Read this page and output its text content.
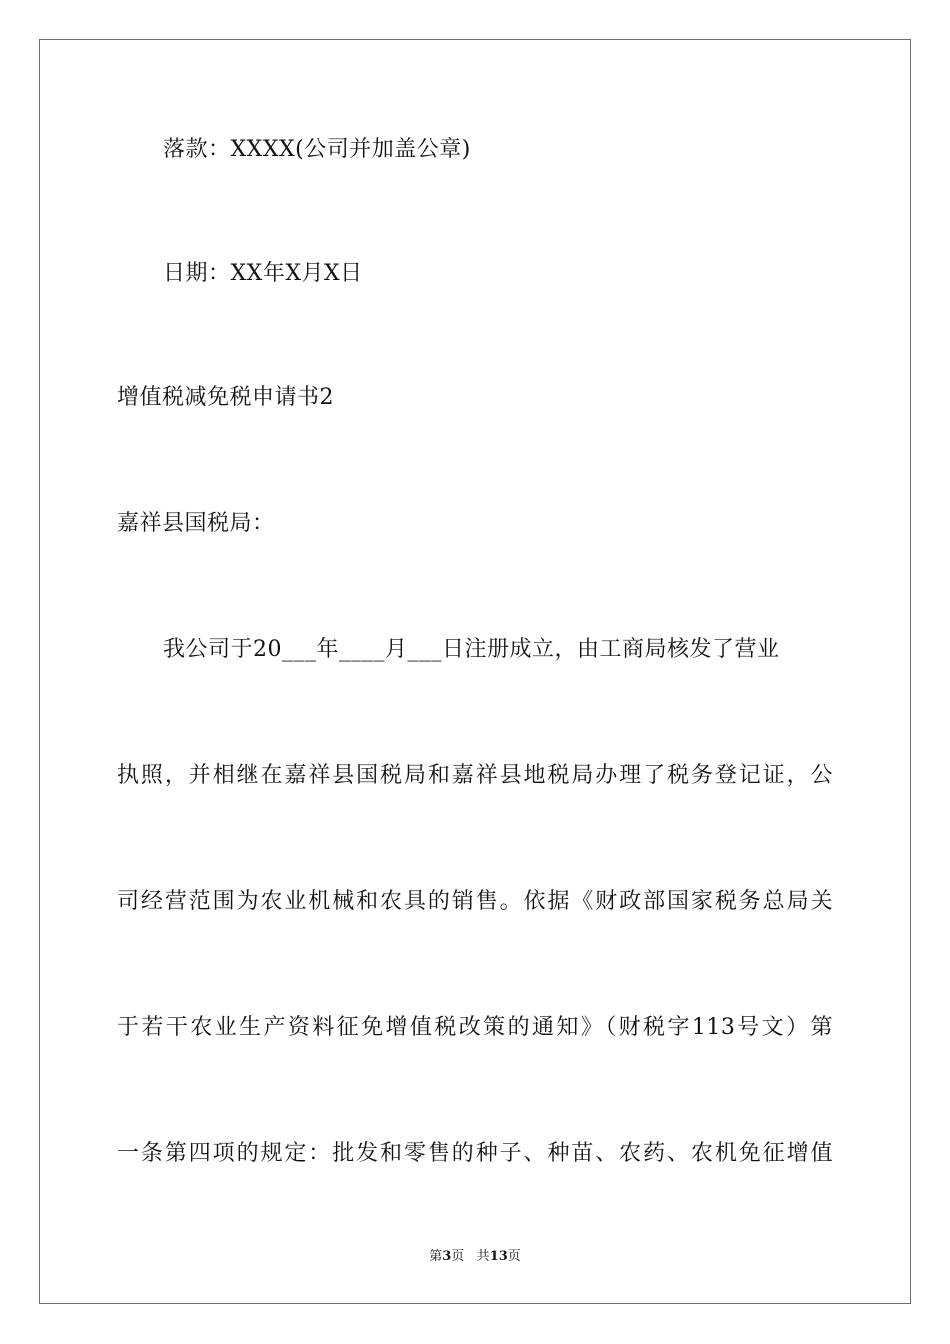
落款：XXXX(公司并加盖公章)
日期：XX年X月X日
增值税减免税申请书2
嘉祥县国税局：
我公司于20___年____月___日注册成立，由工商局核发了营业
执照，并相继在嘉祥县国税局和嘉祥县地税局办理了税务登记证，公
司经营范围为农业机械和农具的销售。依据《财政部国家税务总局关
于若干农业生产资料征免增值税改策的通知》（财税字113号文）第
一条第四项的规定：批发和零售的种子、种苗、农药、农机免征增值
第3页 共13页
